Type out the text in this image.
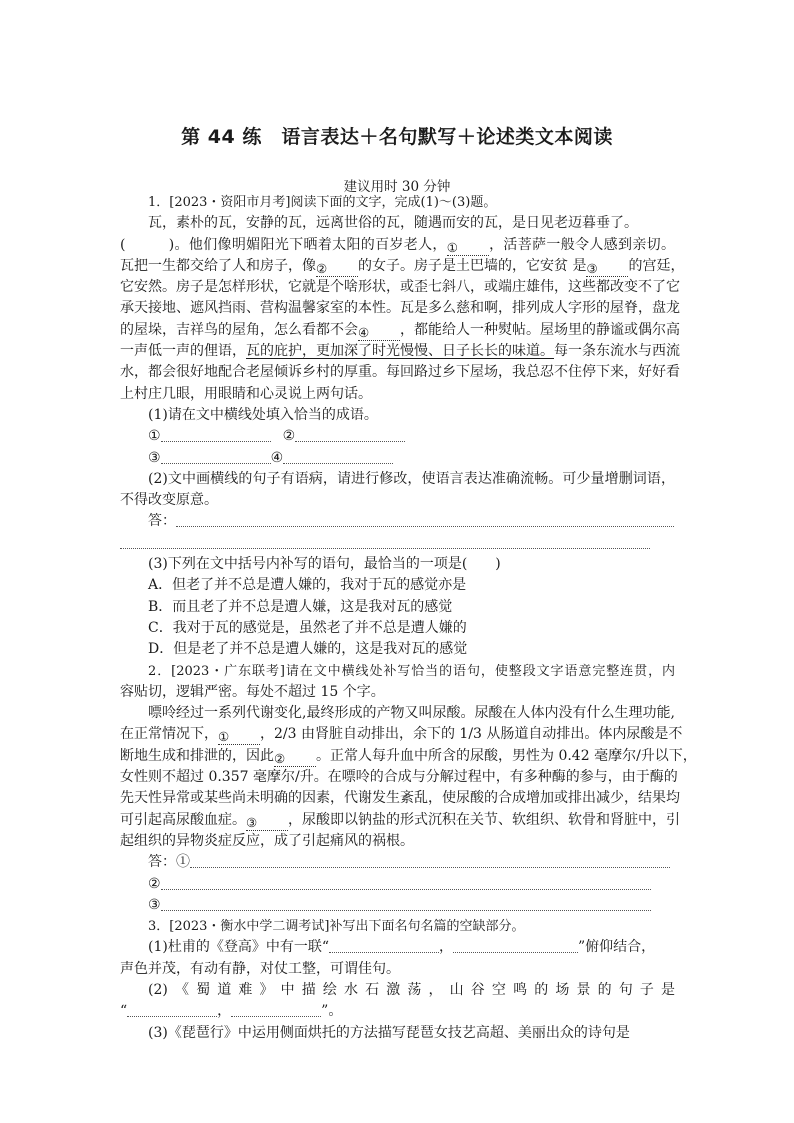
第 44 练　语言表达＋名句默写＋论述类文本阅读
建议用时 30 分钟
1．[2023・资阳市月考]阅读下面的文字，完成(1)～(3)题。
瓦，素朴的瓦，安静的瓦，远离世俗的瓦，随遇而安的瓦，是日见老迈暮垂了。
(　　　)。他们像明媚阳光下晒着太阳的百岁老人，① ，活菩萨一般令人感到亲切。
瓦把一生都交给了人和房子，像② 的女子。房子是土巴墙的，它安贫 是③ 的宫廷，
它安然。房子是怎样形状，它就是个啥形状，或歪七斜八，或端庄雄伟，这些都改变不了它
承天接地、遮风挡雨、营构温馨家室的本性。瓦是多么慈和啊，排列成人字形的屋脊，盘龙
的屋垛，吉祥鸟的屋角，怎么看都不会④ ，都能给人一种熨帖。屋场里的静谧或偶尔高
一声低一声的俚语，瓦的庇护，更加深了时光慢慢、日子长长的味道。每一条东流水与西流
水，都会很好地配合老屋倾诉乡村的厚重。每回路过乡下屋场，我总忍不住停下来，好好看
上村庄几眼，用眼睛和心灵说上两句话。
(1)请在文中横线处填入恰当的成语。
①	②
③	④
(2)文中画横线的句子有语病，请进行修改，使语言表达准确流畅。可少量增删词语，
不得改变原意。
答：
(3)下列在文中括号内补写的语句，最恰当的一项是(　　)
A．但老了并不总是遭人嫌的，我对于瓦的感觉亦是
B．而且老了并不总是遭人嫌，这是我对瓦的感觉
C．我对于瓦的感觉是，虽然老了并不总是遭人嫌的
D．但是老了并不总是遭人嫌的，这是我对瓦的感觉
2．[2023・广东联考]请在文中横线处补写恰当的语句，使整段文字语意完整连贯，内
容贴切，逻辑严密。每处不超过 15 个字。
嘌呤经过一系列代谢变化,最终形成的产物又叫尿酸。尿酸在人体内没有什么生理功能,
在正常情况下，① ，2/3 由肾脏自动排出，余下的 1/3 从肠道自动排出。体内尿酸是不
断地生成和排泄的，因此② 。正常人每升血中所含的尿酸，男性为 0.42 毫摩尔/升以下，
女性则不超过 0.357 毫摩尔/升。在嘌呤的合成与分解过程中，有多种酶的参与，由于酶的
先天性异常或某些尚未明确的因素，代谢发生紊乱，使尿酸的合成增加或排出减少，结果均
可引起高尿酸血症。③ ，尿酸即以钠盐的形式沉积在关节、软组织、软骨和肾脏中，引
起组织的异物炎症反应，成了引起痛风的祸根。
答：①
②
③
3．[2023・衡水中学二调考试]补写出下面名句名篇的空缺部分。
(1)杜甫的《登高》中有一联“	，	”俯仰结合，
声色并茂，有动有静，对仗工整，可谓佳句。
(2)《蜀道难》中描绘水石激荡，山谷空鸣的场景的句子是
“	，	”。
(3)《琵琶行》中运用侧面烘托的方法描写琵琶女技艺高超、美丽出众的诗句是
